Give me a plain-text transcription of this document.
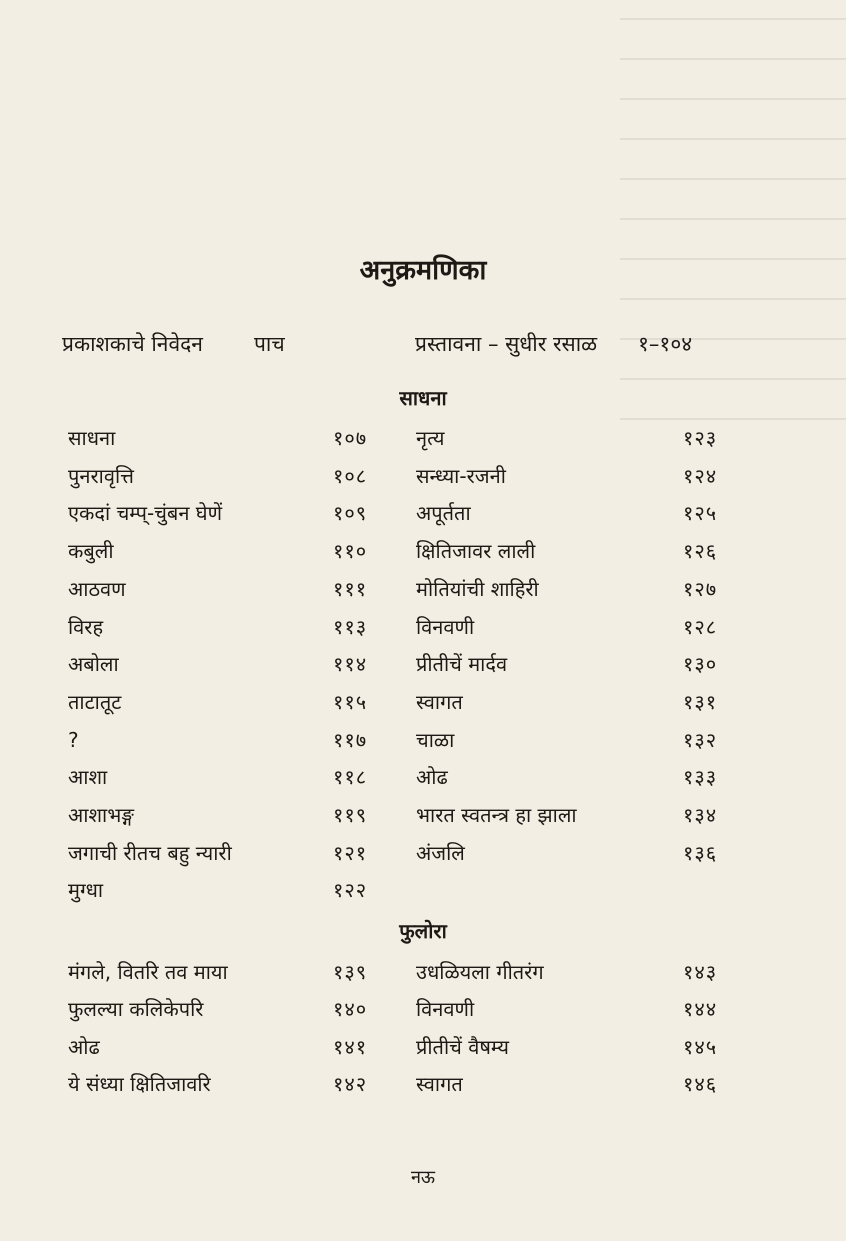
अनुक्रमणिका
प्रकाशकाचे निवेदन पाच	प्रस्तावना – सुधीर रसाळ १–१०४
साधना
साधना	१०७
पुनरावृत्ति	१०८
एकदां चम्प्-चुंबन घेणें	१०९
कबुली	११०
आठवण	१११
विरह	११३
अबोला	११४
ताटातूट	११५
?	११७
आशा	११८
आशाभङ्ग	११९
जगाची रीतच बहु न्यारी	१२१
मुग्धा	१२२
नृत्य	१२३
सन्ध्या-रजनी	१२४
अपूर्तता	१२५
क्षितिजावर लाली	१२६
मोतियांची शाहिरी	१२७
विनवणी	१२८
प्रीतीचें मार्दव	१३०
स्वागत	१३१
चाळा	१३२
ओढ	१३३
भारत स्वतन्त्र हा झाला	१३४
अंजलि	१३६
फुलोरा
मंगले, वितरि तव माया	१३९
फुलल्या कलिकेपरि	१४०
ओढ	१४१
ये संध्या क्षितिजावरि	१४२
उधळियला गीतरंग	१४३
विनवणी	१४४
प्रीतीचें वैषम्य	१४५
स्वागत	१४६
नऊ
